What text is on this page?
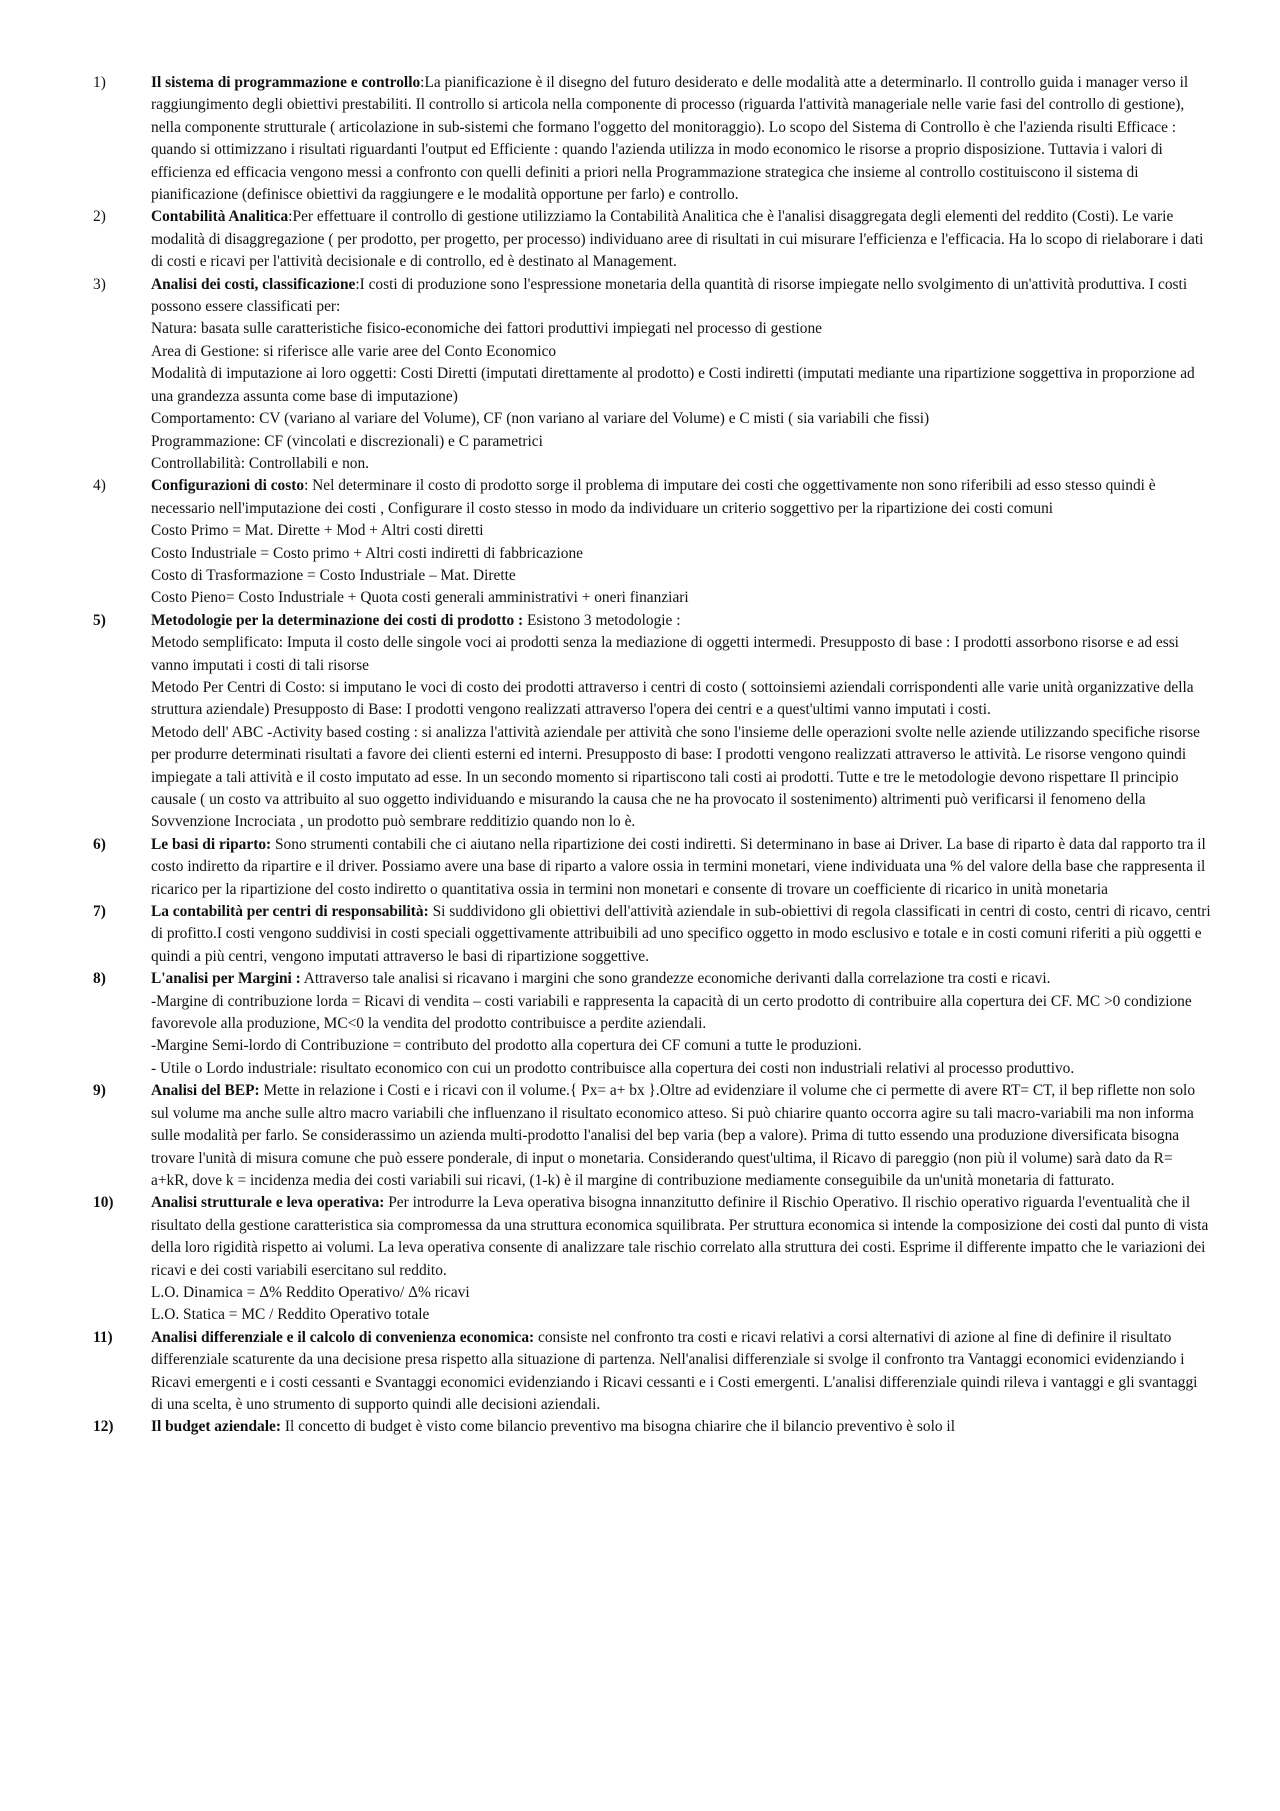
1)	Il sistema di programmazione e controllo:La pianificazione è il disegno del futuro desiderato e delle modalità atte a determinarlo. Il controllo guida i manager verso il raggiungimento degli obiettivi prestabiliti. Il controllo si articola nella componente di processo (riguarda l'attività manageriale nelle varie fasi del controllo di gestione), nella componente strutturale ( articolazione in sub-sistemi che formano l'oggetto del monitoraggio). Lo scopo del Sistema di Controllo è che l'azienda risulti Efficace : quando si ottimizzano i risultati riguardanti l'output ed Efficiente : quando l'azienda utilizza in modo economico le risorse a proprio disposizione. Tuttavia i valori di efficienza ed efficacia vengono messi a confronto con quelli definiti a priori nella Programmazione strategica che insieme al controllo costituiscono il sistema di pianificazione (definisce obiettivi da raggiungere e le modalità opportune per farlo) e controllo.

2)	Contabilità Analitica:Per effettuare il controllo di gestione utilizziamo la Contabilità Analitica che è l'analisi disaggregata degli elementi del reddito (Costi). Le varie modalità di disaggregazione ( per prodotto, per progetto, per processo) individuano aree di risultati in cui misurare l'efficienza e l'efficacia. Ha lo scopo di rielaborare i dati di costi e ricavi per l'attività decisionale e di controllo, ed è destinato al Management.

3)	Analisi dei costi, classificazione:I costi di produzione sono l'espressione monetaria della quantità di risorse impiegate nello svolgimento di un'attività produttiva. I costi possono essere classificati per:

Natura: basata sulle caratteristiche fisico-economiche dei fattori produttivi impiegati nel processo di gestione

Area di Gestione: si riferisce alle varie aree del Conto Economico

Modalità di imputazione ai loro oggetti: Costi Diretti (imputati direttamente al prodotto) e Costi indiretti (imputati mediante una ripartizione soggettiva in proporzione ad una grandezza assunta come base di imputazione)

Comportamento: CV (variano al variare del Volume), CF (non variano al variare del Volume) e C misti ( sia variabili che fissi)

Programmazione: CF (vincolati e discrezionali) e C parametrici

Controllabilità: Controllabili e non.

4)	Configurazioni di costo: Nel determinare il costo di prodotto sorge il problema di imputare dei costi che oggettivamente non sono riferibili ad esso stesso quindi è necessario nell'imputazione dei costi , Configurare il costo stesso in modo da individuare un criterio soggettivo per la ripartizione dei costi comuni

Costo Primo = Mat. Dirette + Mod + Altri costi diretti

Costo Industriale = Costo primo + Altri costi indiretti di fabbricazione

Costo di Trasformazione = Costo Industriale – Mat. Dirette

Costo Pieno= Costo Industriale + Quota costi generali amministrativi + oneri finanziari

5)	Metodologie per la determinazione dei costi di prodotto : Esistono 3 metodologie :

Metodo semplificato: Imputa il costo delle singole voci ai prodotti senza la mediazione di oggetti intermedi. Presupposto di base : I prodotti assorbono risorse e ad essi vanno imputati i costi di tali risorse

Metodo Per Centri di Costo: si imputano le voci di costo dei prodotti attraverso i centri di costo ( sottoinsiemi aziendali corrispondenti alle varie unità organizzative della struttura aziendale) Presupposto di Base: I prodotti vengono realizzati attraverso l'opera dei centri e a quest'ultimi vanno imputati i costi.

Metodo dell' ABC -Activity based costing : si analizza l'attività aziendale per attività che sono l'insieme delle operazioni svolte nelle aziende utilizzando specifiche risorse per produrre determinati risultati a favore dei clienti esterni ed interni. Presupposto di base: I prodotti vengono realizzati attraverso le attività. Le risorse vengono quindi impiegate a tali attività e il costo imputato ad esse. In un secondo momento si ripartiscono tali costi ai prodotti. Tutte e tre le metodologie devono rispettare Il principio causale ( un costo va attribuito al suo oggetto individuando e misurando la causa che ne ha provocato il sostenimento) altrimenti può verificarsi il fenomeno della Sovvenzione Incrociata , un prodotto può sembrare redditizio quando non lo è.

6)	Le basi di riparto: Sono strumenti contabili che ci aiutano nella ripartizione dei costi indiretti. Si determinano in base ai Driver. La base di riparto è data dal rapporto tra il costo indiretto da ripartire e il driver. Possiamo avere una base di riparto a valore ossia in termini monetari, viene individuata una % del valore della base che rappresenta il ricarico per la ripartizione del costo indiretto o quantitativa ossia in termini non monetari e consente di trovare un coefficiente di ricarico in unità monetaria

7)	La contabilità per centri di responsabilità: Si suddividono gli obiettivi dell'attività aziendale in sub-obiettivi di regola classificati in centri di costo, centri di ricavo, centri di profitto.I costi vengono suddivisi in costi speciali oggettivamente attribuibili ad uno specifico oggetto in modo esclusivo e totale e in costi comuni riferiti a più oggetti e quindi a più centri, vengono imputati attraverso le basi di ripartizione soggettive.

8)	L'analisi per Margini : Attraverso tale analisi si ricavano i margini che sono grandezze economiche derivanti dalla correlazione tra costi e ricavi.

-Margine di contribuzione lorda = Ricavi di vendita – costi variabili e rappresenta la capacità di un certo prodotto di contribuire alla copertura dei CF. MC >0 condizione favorevole alla produzione, MC<0 la vendita del prodotto contribuisce a perdite aziendali.

-Margine Semi-lordo di Contribuzione = contributo del prodotto alla copertura dei CF comuni a tutte le produzioni.

- Utile o Lordo industriale: risultato economico con cui un prodotto contribuisce alla copertura dei costi non industriali relativi al processo produttivo.

9)	Analisi del BEP: Mette in relazione i Costi e i ricavi con il volume.{ Px= a+ bx }.Oltre ad evidenziare il volume che ci permette di avere RT= CT, il bep riflette non solo sul volume ma anche sulle altro macro variabili che influenzano il risultato economico atteso. Si può chiarire quanto occorra agire su tali macro-variabili ma non informa sulle modalità per farlo. Se considerassimo un azienda multi-prodotto l'analisi del bep varia (bep a valore). Prima di tutto essendo una produzione diversificata bisogna trovare l'unità di misura comune che può essere ponderale, di input o monetaria. Considerando quest'ultima, il Ricavo di pareggio (non più il volume) sarà dato da R= a+kR, dove k = incidenza media dei costi variabili sui ricavi, (1-k) è il margine di contribuzione mediamente conseguibile da un'unità monetaria di fatturato.

10)	Analisi strutturale e leva operativa: Per introdurre la Leva operativa bisogna innanzitutto definire il Rischio Operativo. Il rischio operativo riguarda l'eventualità che il risultato della gestione caratteristica sia compromessa da una struttura economica squilibrata. Per struttura economica si intende la composizione dei costi dal punto di vista della loro rigidità rispetto ai volumi. La leva operativa consente di analizzare tale rischio correlato alla struttura dei costi. Esprime il differente impatto che le variazioni dei ricavi e dei costi variabili esercitano sul reddito.

L.O. Dinamica = Δ% Reddito Operativo/ Δ% ricavi

L.O. Statica = MC / Reddito Operativo totale

11)	Analisi differenziale e il calcolo di convenienza economica: consiste nel confronto tra costi e ricavi relativi a corsi alternativi di azione al fine di definire il risultato differenziale scaturente da una decisione presa rispetto alla situazione di partenza. Nell'analisi differenziale si svolge il confronto tra Vantaggi economici evidenziando i Ricavi emergenti e i costi cessanti e Svantaggi economici evidenziando i Ricavi cessanti e i Costi emergenti. L'analisi differenziale quindi rileva i vantaggi e gli svantaggi di una scelta, è uno strumento di supporto quindi alle decisioni aziendali.

12)	Il budget aziendale: Il concetto di budget è visto come bilancio preventivo ma bisogna chiarire che il bilancio preventivo è solo il
